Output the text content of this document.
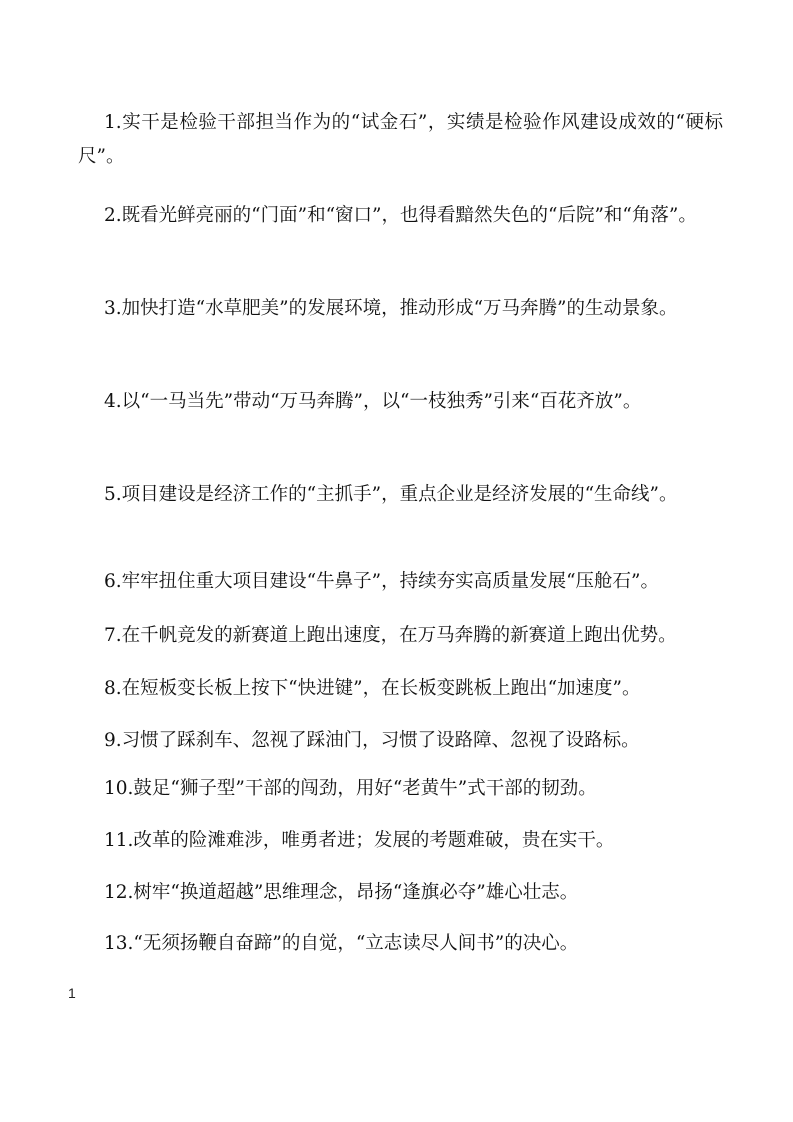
1.实干是检验干部担当作为的“试金石”，实绩是检验作风建设成效的“硬标尺”。

2.既看光鲜亮丽的“门面”和“窗口”，也得看黯然失色的“后院”和“角落”。

3.加快打造“水草肥美”的发展环境，推动形成“万马奔腾”的生动景象。

4.以“一马当先”带动“万马奔腾”，以“一枝独秀”引来“百花齐放”。

5.项目建设是经济工作的“主抓手”，重点企业是经济发展的“生命线”。

6.牢牢扭住重大项目建设“牛鼻子”，持续夯实高质量发展“压舱石”。

7.在千帆竞发的新赛道上跑出速度，在万马奔腾的新赛道上跑出优势。

8.在短板变长板上按下“快进键”，在长板变跳板上跑出“加速度”。

9.习惯了踩刹车、忽视了踩油门，习惯了设路障、忽视了设路标。

10.鼓足“狮子型”干部的闯劲，用好“老黄牛”式干部的韧劲。

11.改革的险滩难涉，唯勇者进；发展的考题难破，贵在实干。

12.树牢“换道超越”思维理念，昂扬“逢旗必夺”雄心壮志。

13.“无须扬鞭自奋蹄”的自觉，“立志读尽人间书”的决心。

1
